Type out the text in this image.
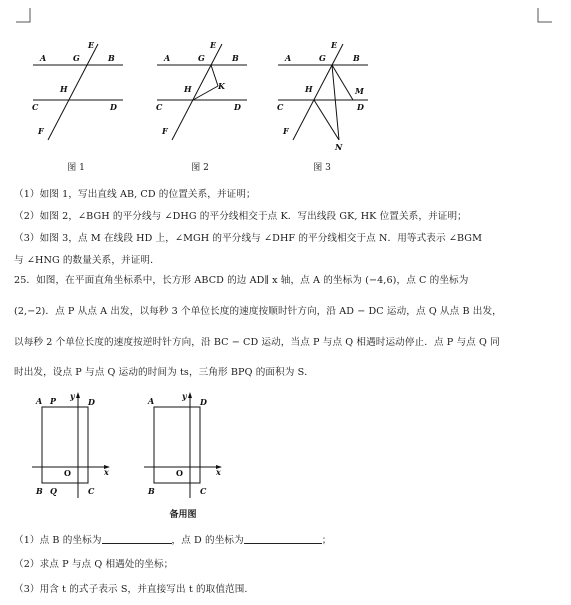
E
A	G	B
H
C	D
F
图 1
E
A	G	B
H	K
C	D
F
图 2
E
A	G	B
H	M
C	D
F
N
图 3
（1）如图 1，写出直线 AB, CD 的位置关系，并证明；
（2）如图 2，∠BGH 的平分线与 ∠DHG 的平分线相交于点 K．写出线段 GK, HK 位置关系，并证明；
（3）如图 3，点 M 在线段 HD 上，∠MGH 的平分线与 ∠DHF 的平分线相交于点 N．用等式表示 ∠BGM
与 ∠HNG 的数量关系，并证明．
25．如图，在平面直角坐标系中，长方形 ABCD 的边 AD∥ x 轴，点 A 的坐标为 (−4,6)，点 C 的坐标为
(2,−2)．点 P 从点 A 出发，以每秒 3 个单位长度的速度按顺时针方向，沿 AD − DC 运动，点 Q 从点 B 出发，
以每秒 2 个单位长度的速度按逆时针方向，沿 BC − CD 运动，当点 P 与点 Q 相遇时运动停止．点 P 与点 Q 同
时出发，设点 P 与点 Q 运动的时间为 ts，三角形 BPQ 的面积为 S．
y
A P	D
O	x
B Q	C
y
A	D
O	x
B	C
备用图
（1）点 B 的坐标为	，点 D 的坐标为	；
（2）求点 P 与点 Q 相遇处的坐标；
（3）用含 t 的式子表示 S，并直接写出 t 的取值范围.
